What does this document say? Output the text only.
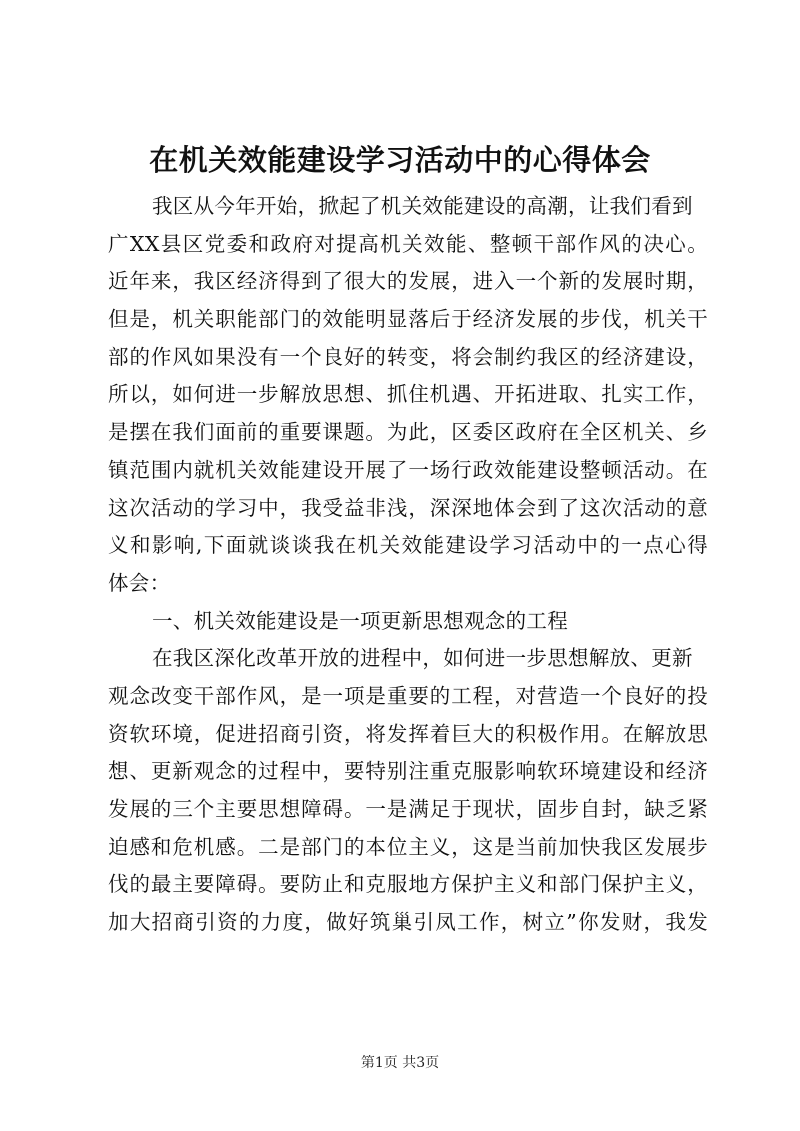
在机关效能建设学习活动中的心得体会
我区从今年开始，掀起了机关效能建设的高潮，让我们看到
广XX县区党委和政府对提高机关效能、整顿干部作风的决心。
近年来，我区经济得到了很大的发展，进入一个新的发展时期，
但是，机关职能部门的效能明显落后于经济发展的步伐，机关干
部的作风如果没有一个良好的转变，将会制约我区的经济建设，
所以，如何进一步解放思想、抓住机遇、开拓进取、扎实工作，
是摆在我们面前的重要课题。为此，区委区政府在全区机关、乡
镇范围内就机关效能建设开展了一场行政效能建设整顿活动。在
这次活动的学习中，我受益非浅，深深地体会到了这次活动的意
义和影响,下面就谈谈我在机关效能建设学习活动中的一点心得
体会：
一、机关效能建设是一项更新思想观念的工程
在我区深化改革开放的进程中，如何进一步思想解放、更新
观念改变干部作风，是一项是重要的工程，对营造一个良好的投
资软环境，促进招商引资，将发挥着巨大的积极作用。在解放思
想、更新观念的过程中，要特别注重克服影响软环境建设和经济
发展的三个主要思想障碍。一是满足于现状，固步自封，缺乏紧
迫感和危机感。二是部门的本位主义，这是当前加快我区发展步
伐的最主要障碍。要防止和克服地方保护主义和部门保护主义，
加大招商引资的力度，做好筑巢引凤工作，树立”你发财，我发
第1页 共3页
